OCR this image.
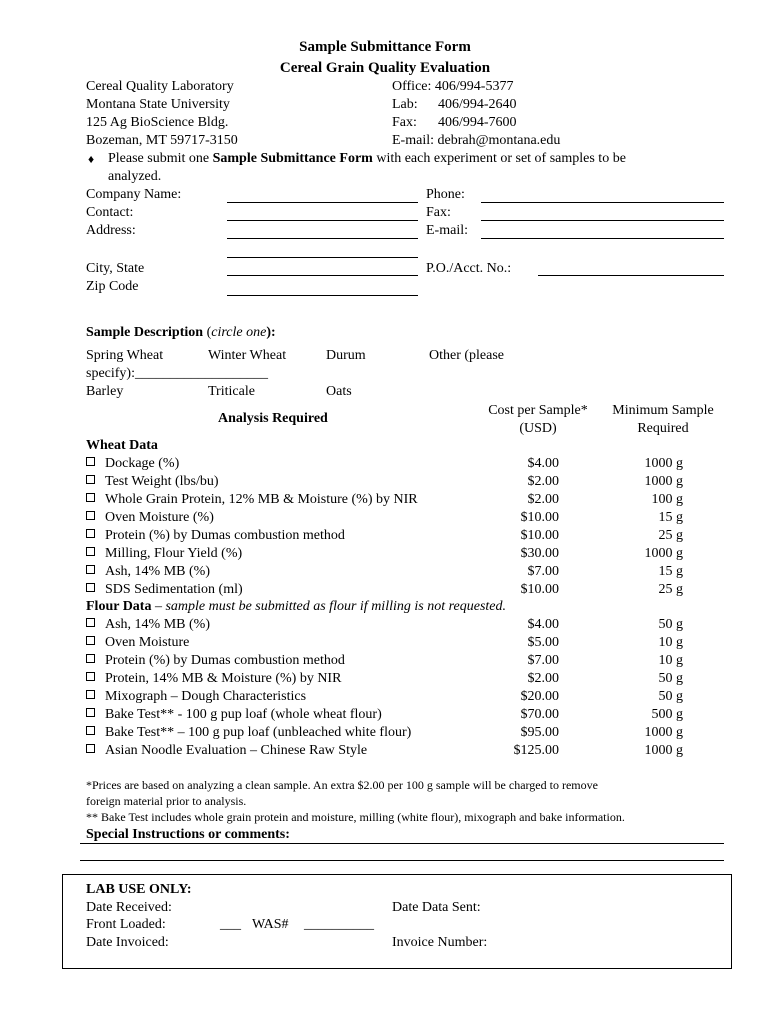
Sample Submittance Form
Cereal Grain Quality Evaluation
Cereal Quality Laboratory
Montana State University
125 Ag BioScience Bldg.
Bozeman, MT 59717-3150
Office: 406/994-5377
Lab: 406/994-2640
Fax: 406/994-7600
E-mail: debrah@montana.edu
♦ Please submit one Sample Submittance Form with each experiment or set of samples to be
analyzed.
Company Name:	Phone:
Contact:	Fax:
Address:	E-mail:
City, State	P.O./Acct. No.:
Zip Code
Sample Description (circle one):
Spring Wheat	Winter Wheat	Durum	Other (please
specify):___________________
Barley	Triticale	Oats
Analysis Required
Cost per Sample*
(USD)
Minimum Sample
Required
Wheat Data
Dockage (%)	$4.00	1000 g
Test Weight (lbs/bu)	$2.00	1000 g
Whole Grain Protein, 12% MB & Moisture (%) by NIR	$2.00	100 g
Oven Moisture (%)	$10.00	15 g
Protein (%) by Dumas combustion method	$10.00	25 g
Milling, Flour Yield (%)	$30.00	1000 g
Ash, 14% MB (%)	$7.00	15 g
SDS Sedimentation (ml)	$10.00	25 g
Flour Data – sample must be submitted as flour if milling is not requested.
Ash, 14% MB (%)	$4.00	50 g
Oven Moisture	$5.00	10 g
Protein (%) by Dumas combustion method	$7.00	10 g
Protein, 14% MB & Moisture (%) by NIR	$2.00	50 g
Mixograph – Dough Characteristics	$20.00	50 g
Bake Test** - 100 g pup loaf (whole wheat flour)	$70.00	500 g
Bake Test** – 100 g pup loaf (unbleached white flour)	$95.00	1000 g
Asian Noodle Evaluation – Chinese Raw Style	$125.00	1000 g
*Prices are based on analyzing a clean sample. An extra $2.00 per 100 g sample will be charged to remove
foreign material prior to analysis.
** Bake Test includes whole grain protein and moisture, milling (white flour), mixograph and bake information.
Special Instructions or comments:
LAB USE ONLY:
Date Received:	Date Data Sent:
Front Loaded:	___ WAS# __________
Date Invoiced:	Invoice Number:
